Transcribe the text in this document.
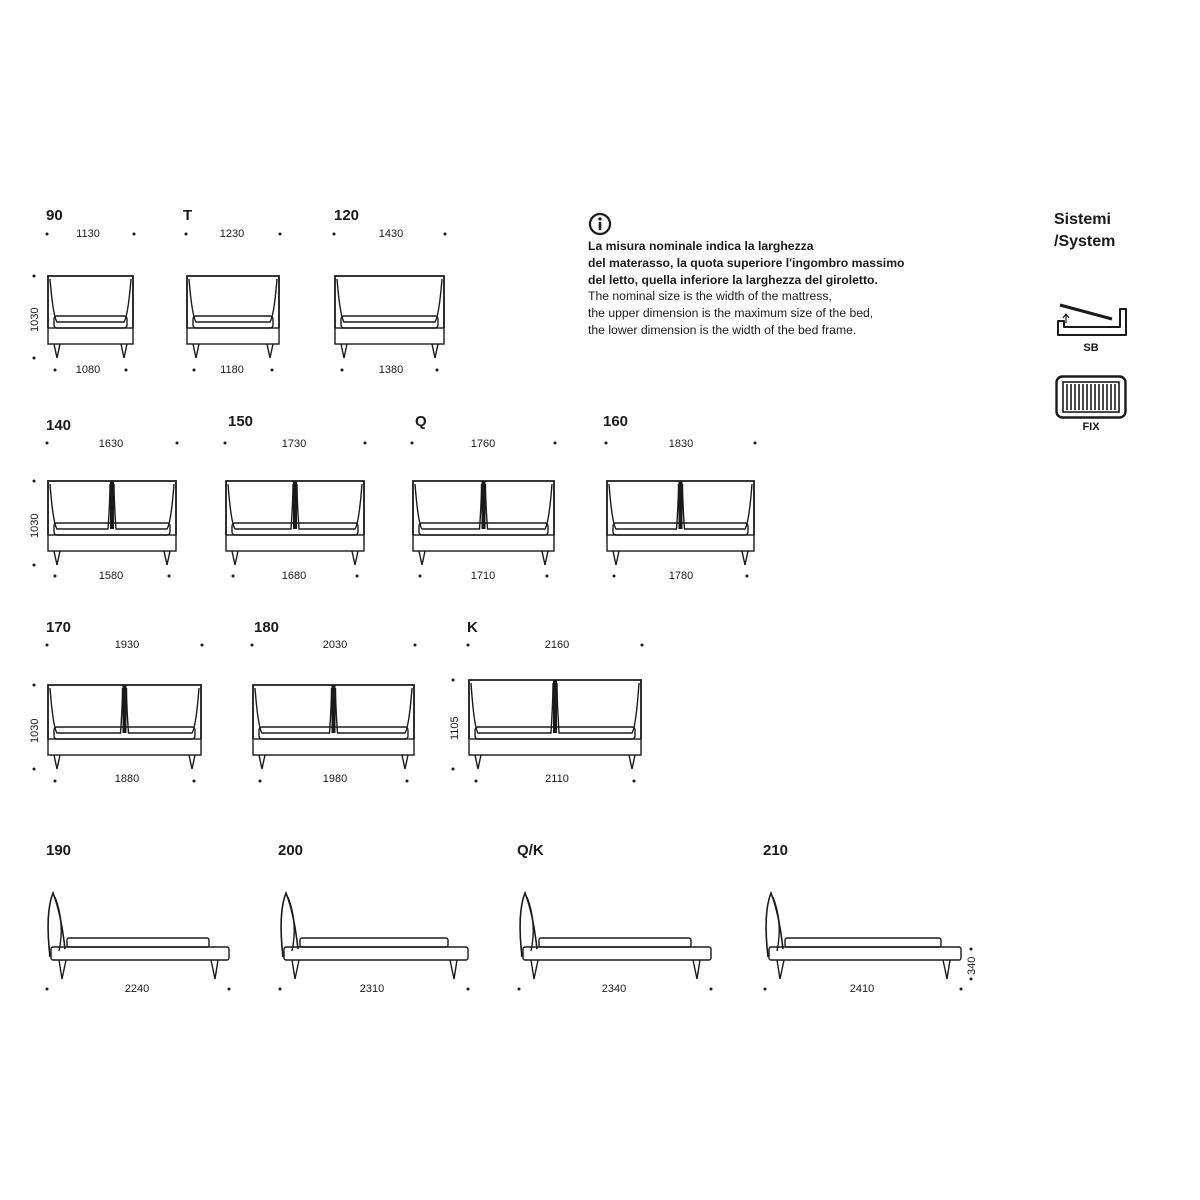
90
1130
1080
1030
T
1230
1180
120
1430
1380
140
1630
1580
1030
150
1730
1680
Q
1760
1710
160
1830
1780
170
1930
1880
1030
180
2030
1980
K
2160
2110
1105
190
2240
200
2310
Q/K
2340
210
2410
340
La misura nominale indica la larghezza
del materasso, la quota superiore l'ingombro massimo
del letto, quella inferiore la larghezza del giroletto.
The nominal size is the width of the mattress,
the upper dimension is the maximum size of the bed,
the lower dimension is the width of the bed frame.
Sistemi
/System
SB
FIX
